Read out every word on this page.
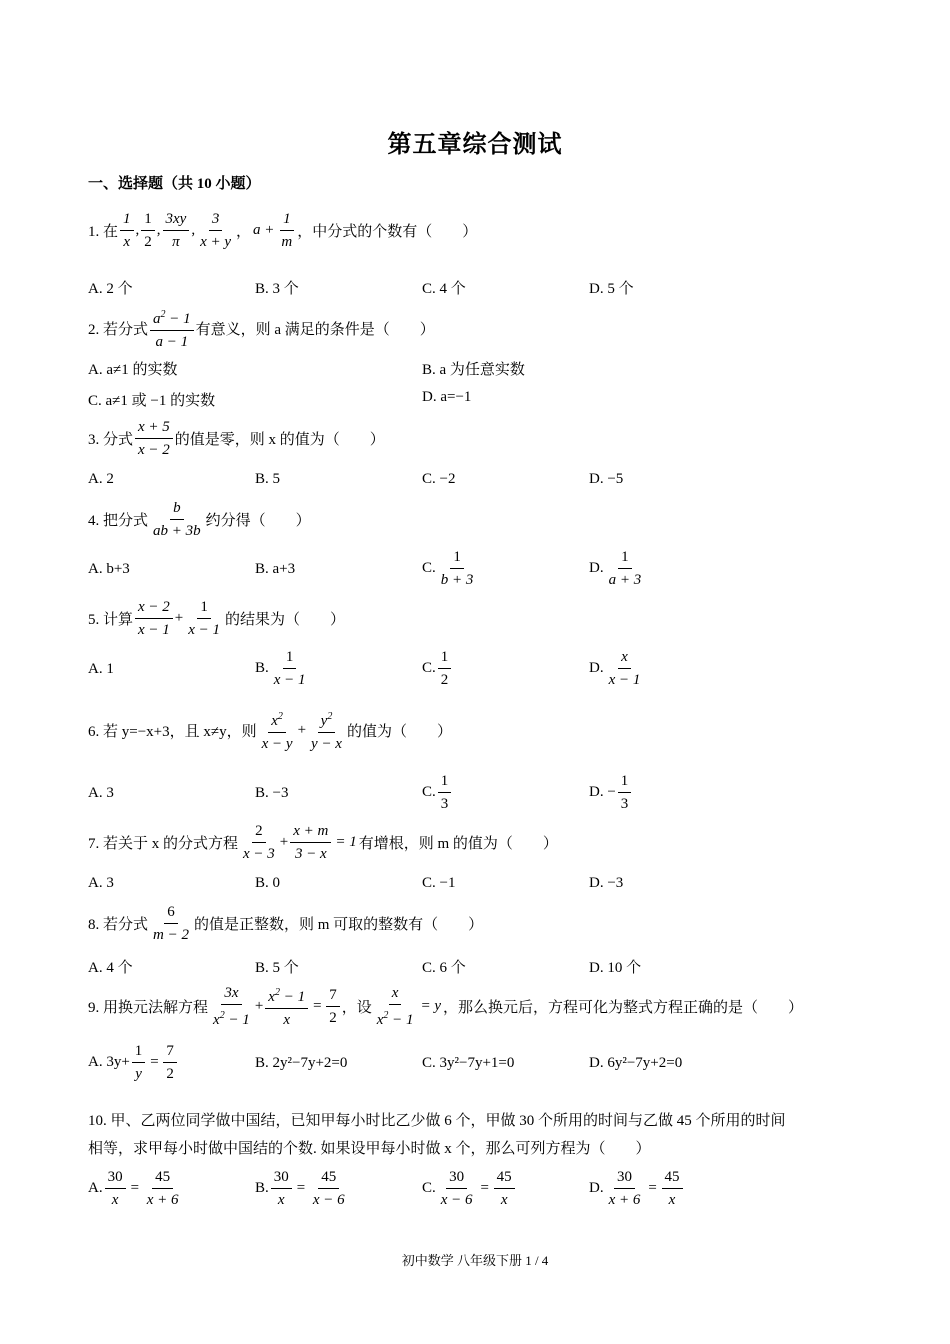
第五章综合测试
一、选择题（共 10 小题）
1. 在 $\frac{1}{x}$ , $\frac{1}{2}$ , $\frac{3xy}{\pi}$ , $\frac{3}{x + y}$ ， $a + \frac{1}{m}$ ，中分式的个数有（　　）
A. 2 个	B. 3 个	C. 4 个	D. 5 个
2. 若分式 $\frac{a^2 - 1}{a - 1}$ 有意义，则 a 满足的条件是（　　）
A. a≠1 的实数	B. a 为任意实数
C. a≠1 或 −1 的实数	D. a=−1
3. 分式 $\frac{x + 5}{x - 2}$ 的值是零，则 x 的值为（　　）
A. 2	B. 5	C. −2	D. −5
4. 把分式 $\frac{b}{ab + 3b}$ 约分得（　　）
A. b+3	B. a+3	C. $\frac{1}{b + 3}$	D. $\frac{1}{a + 3}$
5. 计算 $\frac{x - 2}{x - 1} + \frac{1}{x - 1}$ 的结果为（　　）
A. 1	B. $\frac{1}{x - 1}$	C. $\frac{1}{2}$	D. $\frac{x}{x - 1}$
6. 若 y=−x+3，且 x≠y，则 $\frac{x^2}{x - y} + \frac{y^2}{y - x}$ 的值为（　　）
A. 3	B. −3	C. $\frac{1}{3}$	D. − $\frac{1}{3}$
7. 若关于 x 的分式方程 $\frac{2}{x - 3} + \frac{x + m}{3 - x} = 1$ 有增根，则 m 的值为（　　）
A. 3	B. 0	C. −1	D. −3
8. 若分式 $\frac{6}{m - 2}$ 的值是正整数，则 m 可取的整数有（　　）
A. 4 个	B. 5 个	C. 6 个	D. 10 个
9. 用换元法解方程 $\frac{3x}{x^2 - 1} + \frac{x^2 - 1}{x} = \frac{7}{2}$ ，设 $\frac{x}{x^2 - 1} = y$ ，那么换元后，方程可化为整式方程正确的是（　　）
A. $3y+ \frac{1}{y} = \frac{7}{2}$	B. 2y²−7y+2=0	C. 3y²−7y+1=0	D. 6y²−7y+2=0
10. 甲、乙两位同学做中国结，已知甲每小时比乙少做 6 个，甲做 30 个所用的时间与乙做 45 个所用的时间
相等，求甲每小时做中国结的个数. 如果设甲每小时做 x 个，那么可列方程为（　　）
A. $\frac{30}{x} = \frac{45}{x + 6}$	B. $\frac{30}{x} = \frac{45}{x - 6}$	C. $\frac{30}{x - 6} = \frac{45}{x}$	D. $\frac{30}{x + 6} = \frac{45}{x}$
初中数学 八年级下册 1 / 4
